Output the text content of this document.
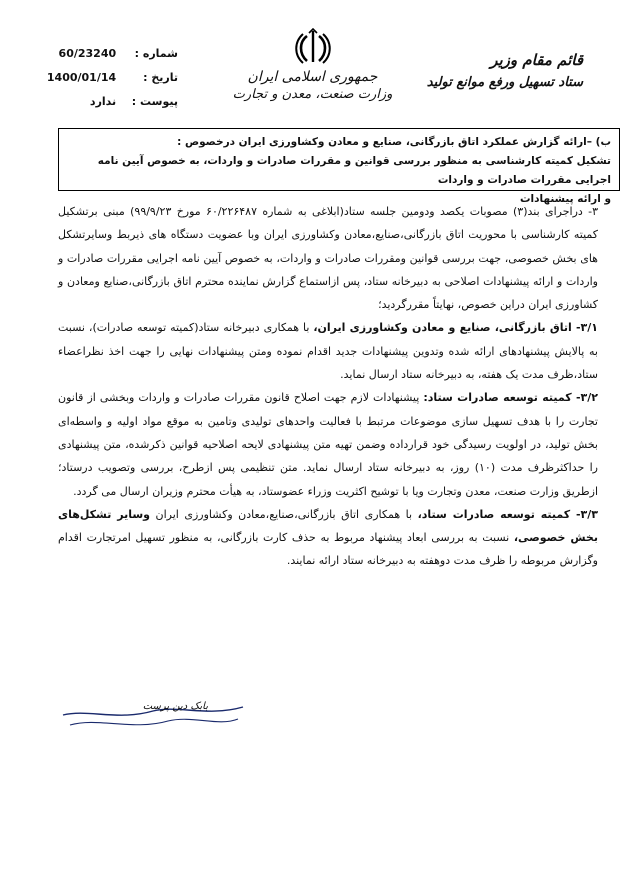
قائم مقام وزیر
ستاد تسهیل ورفع موانع تولید
جمهوری اسلامی ایران
وزارت صنعت، معدن و تجارت
شماره : 60/23240
تاریخ : 1400/01/14
پیوست : ندارد
ب) –ارائه گزارش عملکرد اتاق بازرگانی، صنایع و معادن وکشاورزی ایران درخصوص :
تشکیل کمیته کارشناسی به منظور بررسی قوانین و مقررات صادرات و واردات، به خصوص آیین نامه اجرایی مقررات صادرات و واردات
و ارائه پیشنهادات

۳- دراجرای بند(۳) مصوبات یکصد ودومین جلسه ستاد(ابلاغی به شماره ۶۰/۲۲۶۴۸۷ مورخ ۹۹/۹/۲۳) مبنی برتشکیل کمیته کارشناسی با محوریت اتاق بازرگانی،صنایع،معادن وکشاورزی ایران وبا عضویت دستگاه های ذیربط وسایرتشکل های بخش خصوصی، جهت بررسی قوانین ومقررات صادرات و واردات، به خصوص آیین نامه اجرایی مقررات صادرات و واردات و ارائه پیشنهادات اصلاحی به دبیرخانه ستاد، پس ازاستماع گزارش نماینده محترم اتاق بازرگانی،صنایع ومعادن و کشاورزی ایران دراین خصوص، نهایتاً مقررگردید؛

۳/۱- اتاق بازرگانی، صنایع و معادن وکشاورزی ایران، با همکاری دبیرخانه ستاد(کمیته توسعه صادرات)، نسبت به پالایش پیشنهادهای ارائه شده وتدوین پیشنهادات جدید اقدام نموده ومتن پیشنهادات نهایی را جهت اخذ نظراعضاء ستاد،ظرف مدت یک هفته، به دبیرخانه ستاد ارسال نماید.

۳/۲- کمیته توسعه صادرات ستاد: پیشنهادات لازم جهت اصلاح قانون مقررات صادرات و واردات وبخشی از قانون تجارت را با هدف تسهیل سازی موضوعات مرتبط با فعالیت واحدهای تولیدی وتامین به موقع مواد اولیه و واسطه‌ای بخش تولید، در اولویت رسیدگی خود قرارداده وضمن تهیه متن پیشنهادی لایحه اصلاحیه قوانین ذکرشده، متن پیشنهادی را حداکثرظرف مدت (۱۰) روز، به دبیرخانه ستاد ارسال نماید. متن تنظیمی پس ازطرح، بررسی وتصویب درستاد؛ ازطریق وزارت صنعت، معدن وتجارت ویا با توشیح اکثریت وزراء عضوستاد، به هیأت محترم وزیران ارسال می گردد.

۳/۳- کمیته توسعه صادرات ستاد، با همکاری اتاق بازرگانی،صنایع،معادن وکشاورزی ایران وسایر تشکل‌های بخش خصوصی، نسبت به بررسی ابعاد پیشنهاد مربوط به حذف کارت بازرگانی، به منظور تسهیل امرتجارت اقدام وگزارش مربوطه را ظرف مدت دوهفته به دبیرخانه ستاد ارائه نمایند.

بابک دین پرست
